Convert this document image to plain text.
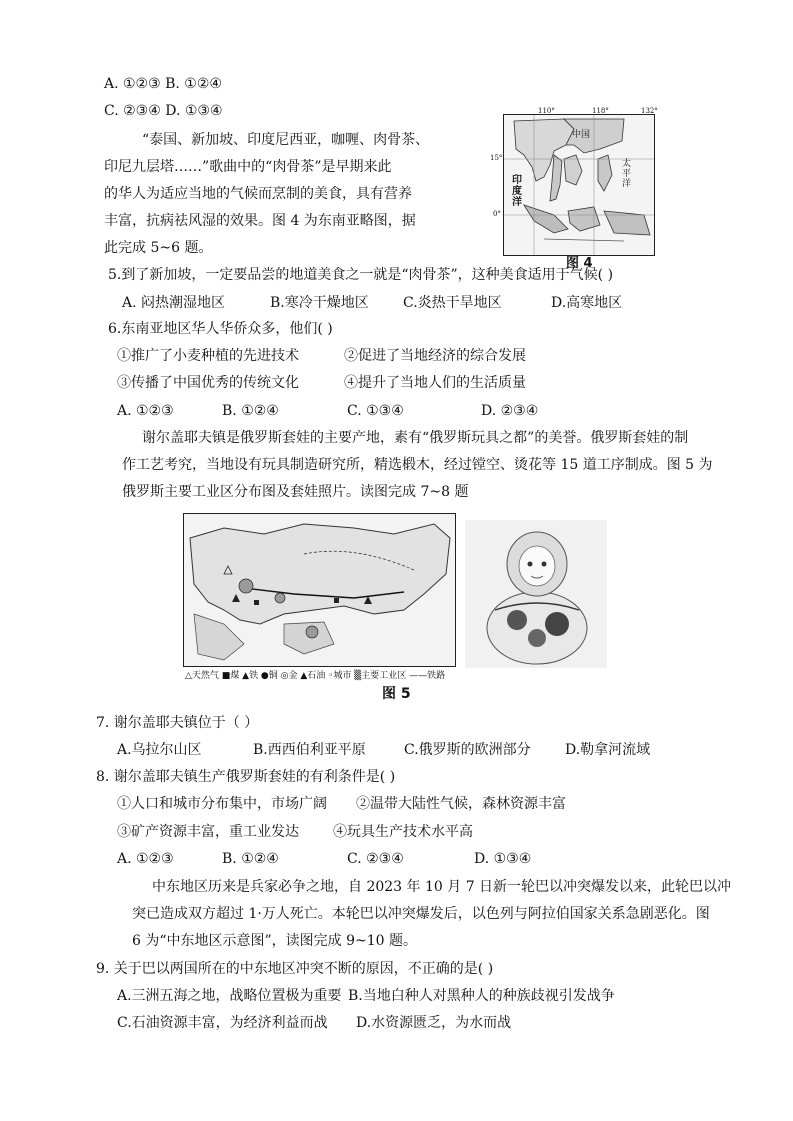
A. ①②③ B. ①②④
C. ②③④ D. ①③④
“泰国、新加坡、印度尼西亚，咖喱、肉骨茶、
印尼九层塔……”歌曲中的“肉骨茶”是早期来此
的华人为适应当地的气候而烹制的美食，具有营养
丰富，抗病祛风湿的效果。图 4 为东南亚略图，据
此完成 5~6 题。
中国
印度洋
太平洋
110°	118°	132°
15°
0°
图 4
5.到了新加坡，一定要品尝的地道美食之一就是“肉骨茶”，这种美食适用于气候( )
A. 闷热潮湿地区	B.寒冷干燥地区 C.炎热干旱地区	D.高寒地区
6.东南亚地区华人华侨众多，他们( )
①推广了小麦种植的先进技术	②促进了当地经济的综合发展
③传播了中国优秀的传统文化	④提升了当地人们的生活质量
A. ①②③	B. ①②④	C. ①③④	D. ②③④
谢尔盖耶夫镇是俄罗斯套娃的主要产地，素有“俄罗斯玩具之都”的美誉。俄罗斯套娃的制
作工艺考究，当地设有玩具制造研究所，精选椴木，经过镗空、烫花等 15 道工序制成。图 5 为
俄罗斯主要工业区分布图及套娃照片。读图完成 7~8 题
△天然气 ■煤 ▲铁 ●铜 ◎金 ▲石油 ◦城市 ▒主要工业区 ——铁路
图 5
7. 谢尔盖耶夫镇位于（ ）
A.乌拉尔山区	B.西西伯利亚平原	C.俄罗斯的欧洲部分 D.勒拿河流域
8. 谢尔盖耶夫镇生产俄罗斯套娃的有利条件是( )
①人口和城市分布集中，市场广阔 ②温带大陆性气候，森林资源丰富
③矿产资源丰富，重工业发达 ④玩具生产技术水平高
A. ①②③	B. ①②④	C. ②③④	D. ①③④
中东地区历来是兵家必争之地，自 2023 年 10 月 7 日新一轮巴以冲突爆发以来，此轮巴以冲
突已造成双方超过 1·万人死亡。本轮巴以冲突爆发后，以色列与阿拉伯国家关系急剧恶化。图
6 为“中东地区示意图”，读图完成 9~10 题。
9. 关于巴以两国所在的中东地区冲突不断的原因，不正确的是( )
A.三洲五海之地，战略位置极为重要 B.当地白种人对黑种人的种族歧视引发战争
C.石油资源丰富，为经济利益而战 D.水资源匮乏，为水而战
